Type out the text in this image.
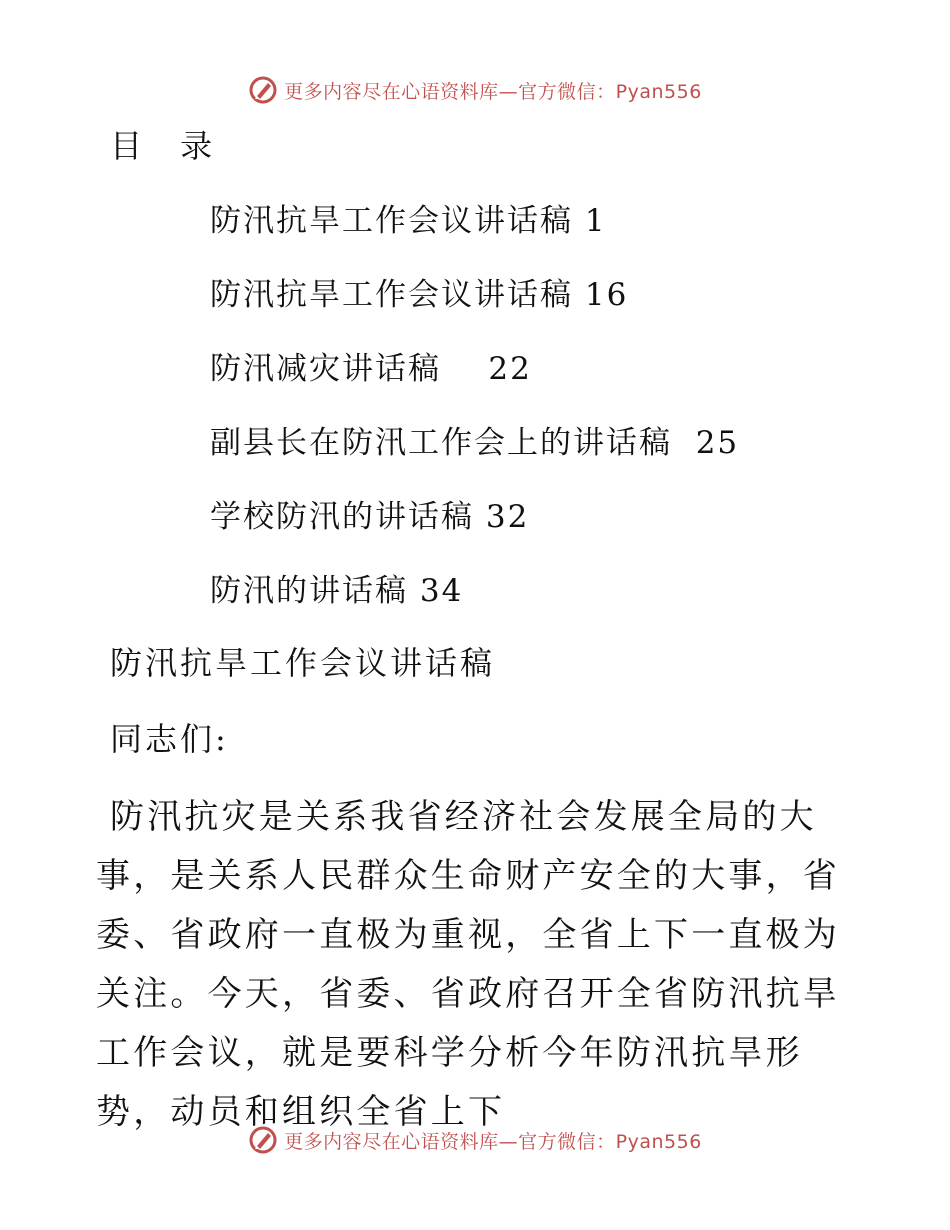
更多内容尽在心语资料库—官方微信：Pyan556
目 录
防汛抗旱工作会议讲话稿 1
防汛抗旱工作会议讲话稿 16
防汛减灾讲话稿    22
副县长在防汛工作会上的讲话稿  25
学校防汛的讲话稿 32
防汛的讲话稿 34
防汛抗旱工作会议讲话稿
同志们:

防汛抗灾是关系我省经济社会发展全局的大事，是关系人民群众生命财产安全的大事，省委、省政府一直极为重视，全省上下一直极为关注。今天，省委、省政府召开全省防汛抗旱工作会议，就是要科学分析今年防汛抗旱形势，动员和组织全省上下

更多内容尽在心语资料库—官方微信：Pyan556
